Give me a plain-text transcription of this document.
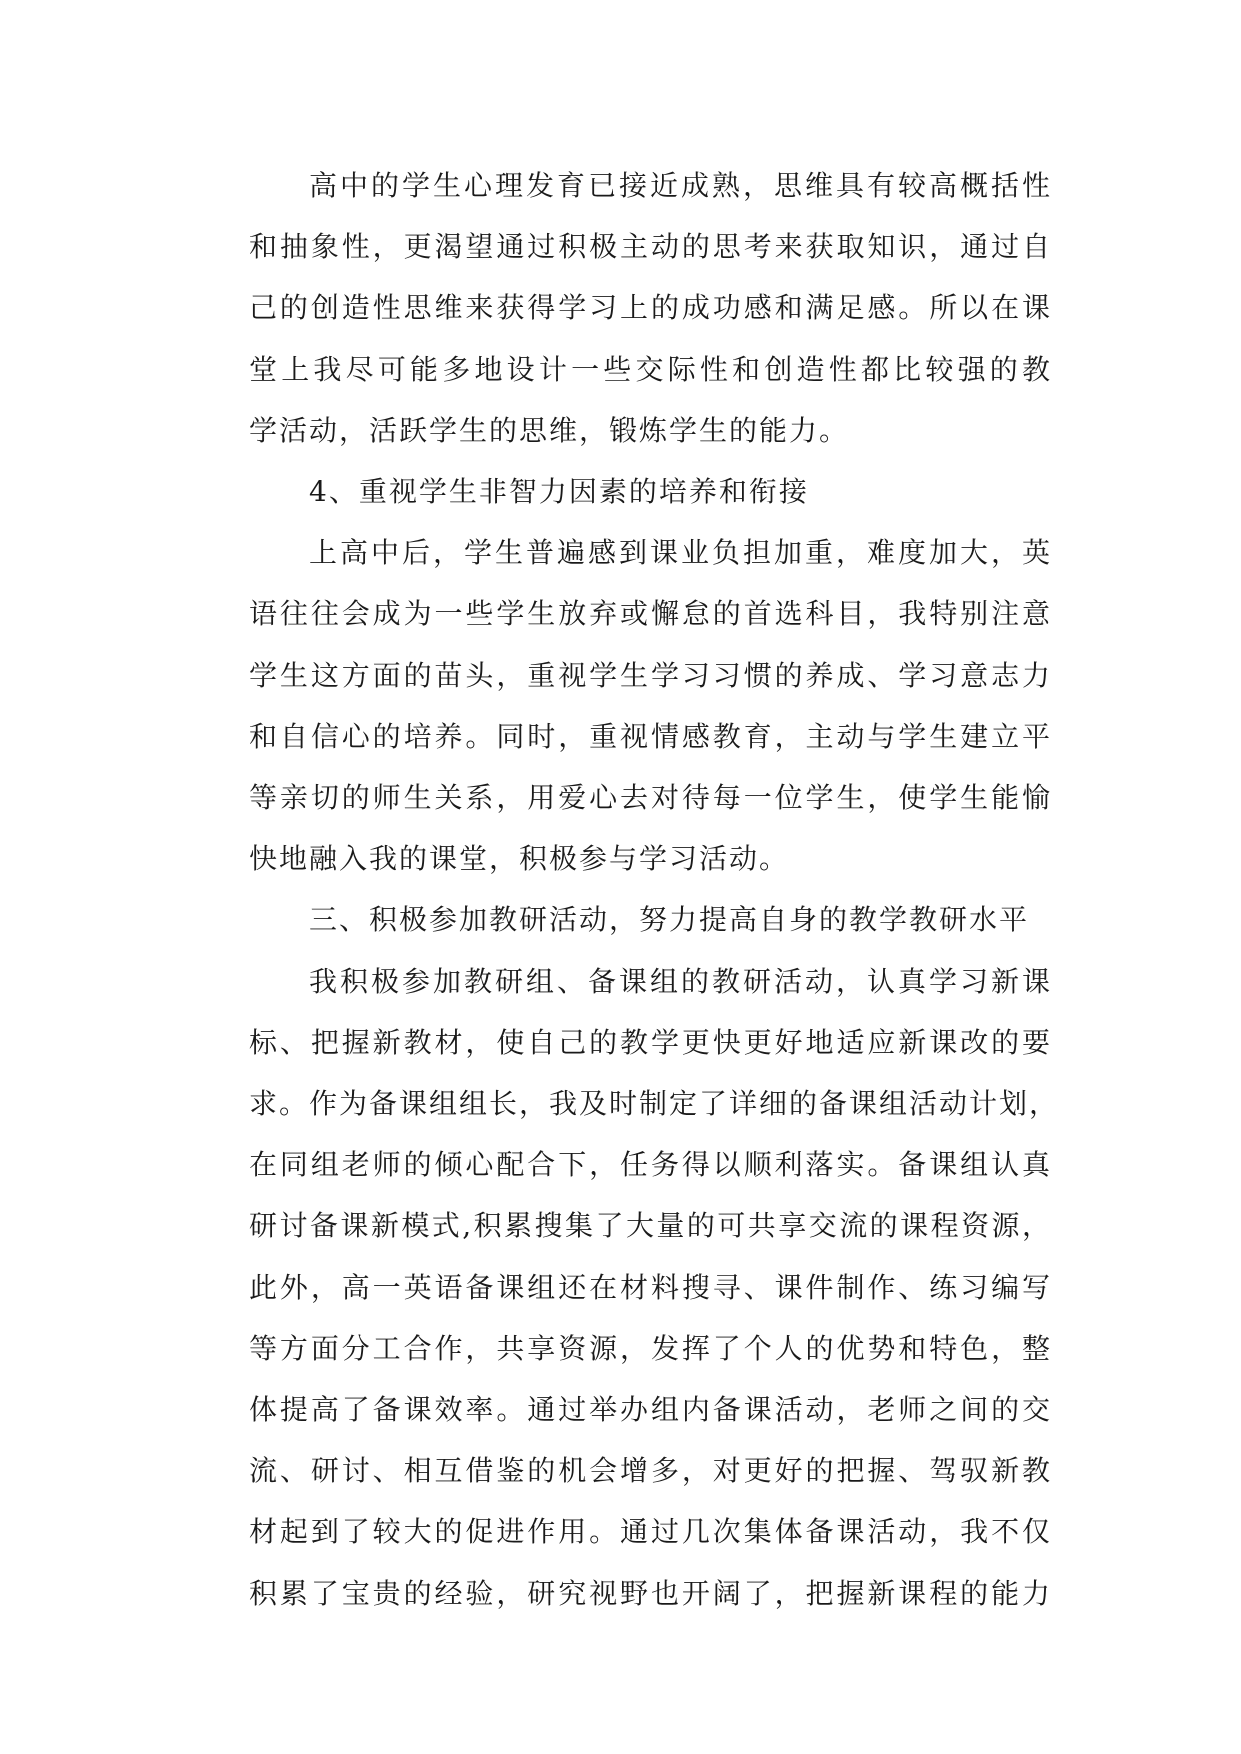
高中的学生心理发育已接近成熟，思维具有较高概括性
和抽象性，更渴望通过积极主动的思考来获取知识，通过自
己的创造性思维来获得学习上的成功感和满足感。所以在课
堂上我尽可能多地设计一些交际性和创造性都比较强的教
学活动，活跃学生的思维，锻炼学生的能力。
4、重视学生非智力因素的培养和衔接
上高中后，学生普遍感到课业负担加重，难度加大，英
语往往会成为一些学生放弃或懈怠的首选科目，我特别注意
学生这方面的苗头，重视学生学习习惯的养成、学习意志力
和自信心的培养。同时，重视情感教育，主动与学生建立平
等亲切的师生关系，用爱心去对待每一位学生，使学生能愉
快地融入我的课堂，积极参与学习活动。
三、积极参加教研活动，努力提高自身的教学教研水平
我积极参加教研组、备课组的教研活动，认真学习新课
标、把握新教材，使自己的教学更快更好地适应新课改的要
求。作为备课组组长，我及时制定了详细的备课组活动计划，
在同组老师的倾心配合下，任务得以顺利落实。备课组认真
研讨备课新模式,积累搜集了大量的可共享交流的课程资源，
此外，高一英语备课组还在材料搜寻、课件制作、练习编写
等方面分工合作，共享资源，发挥了个人的优势和特色，整
体提高了备课效率。通过举办组内备课活动，老师之间的交
流、研讨、相互借鉴的机会增多，对更好的把握、驾驭新教
材起到了较大的促进作用。通过几次集体备课活动，我不仅
积累了宝贵的经验，研究视野也开阔了，把握新课程的能力
